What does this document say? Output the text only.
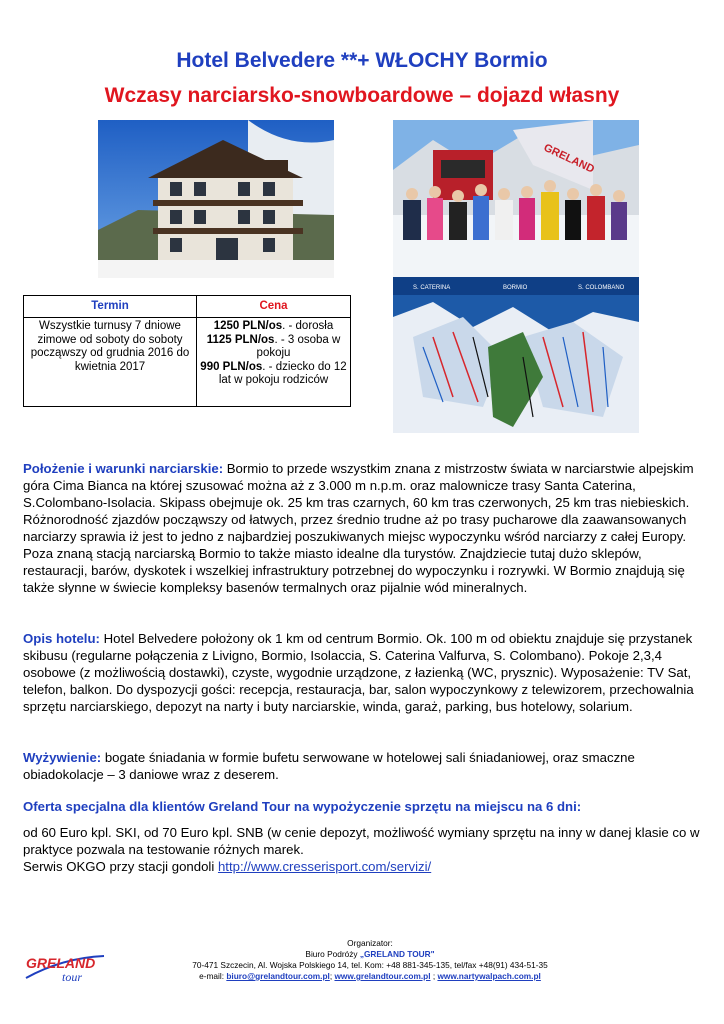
Hotel Belvedere **+ WŁOCHY Bormio
Wczasy narciarsko-snowboardowe – dojazd własny
GRELAND
S. CATERINA	BORMIO	S. COLOMBANO
Termin	Cena
Wszystkie turnusy 7 dniowe zimowe od soboty do soboty począwszy od grudnia 2016 do kwietnia 2017	1250 PLN/os. - dorosła
1125 PLN/os. - 3 osoba w pokoju
990 PLN/os. - dziecko do 12 lat w pokoju rodziców

Położenie i warunki narciarskie: Bormio to przede wszystkim znana z mistrzostw świata w narciarstwie alpejskim góra Cima Bianca na której szusować można aż z 3.000 m n.p.m. oraz malownicze trasy Santa Caterina, S.Colombano-Isolacia. Skipass obejmuje ok. 25 km tras czarnych, 60 km tras czerwonych, 25 km tras niebieskich. Różnorodność zjazdów począwszy od łatwych, przez średnio trudne aż po trasy pucharowe dla zaawansowanych narciarzy sprawia iż jest to jedno z najbardziej poszukiwanych miejsc wypoczynku wśród narciarzy z całej Europy. Poza znaną stacją narciarską Bormio to także miasto idealne dla turystów. Znajdziecie tutaj dużo sklepów, restauracji, barów, dyskotek i wszelkiej infrastruktury potrzebnej do wypoczynku i rozrywki. W Bormio znajdują się także słynne w świecie kompleksy basenów termalnych oraz pijalnie wód mineralnych.

Opis hotelu: Hotel Belvedere położony ok 1 km od centrum Bormio. Ok. 100 m od obiektu znajduje się przystanek skibusu (regularne połączenia z Livigno, Bormio, Isolaccia, S. Caterina Valfurva, S. Colombano). Pokoje 2,3,4 osobowe (z możliwością dostawki), czyste, wygodnie urządzone, z łazienką (WC, prysznic). Wyposażenie: TV Sat, telefon, balkon. Do dyspozycji gości: recepcja, restauracja, bar, salon wypoczynkowy z telewizorem, przechowalnia sprzętu narciarskiego, depozyt na narty i buty narciarskie, winda, garaż, parking, bus hotelowy, solarium.

Wyżywienie: bogate śniadania w formie bufetu serwowane w hotelowej sali śniadaniowej, oraz smaczne obiadokolacje – 3 daniowe wraz z deserem.

Oferta specjalna dla klientów Greland Tour na wypożyczenie sprzętu na miejscu na 6 dni:

od 60 Euro kpl. SKI, od 70 Euro kpl. SNB (w cenie depozyt, możliwość wymiany sprzętu na inny w danej klasie co w praktyce pozwala na testowanie różnych marek.
Serwis OKGO przy stacji gondoli http://www.cresserisport.com/servizi/

GRELAND
tour
Organizator:
Biuro Podróży „GRELAND TOUR"
70-471 Szczecin, Al. Wojska Polskiego 14, tel. Kom: +48 881-345-135, tel/fax +48(91) 434-51-35
e-mail: biuro@grelandtour.com.pl; www.grelandtour.com.pl ; www.nartywalpach.com.pl
